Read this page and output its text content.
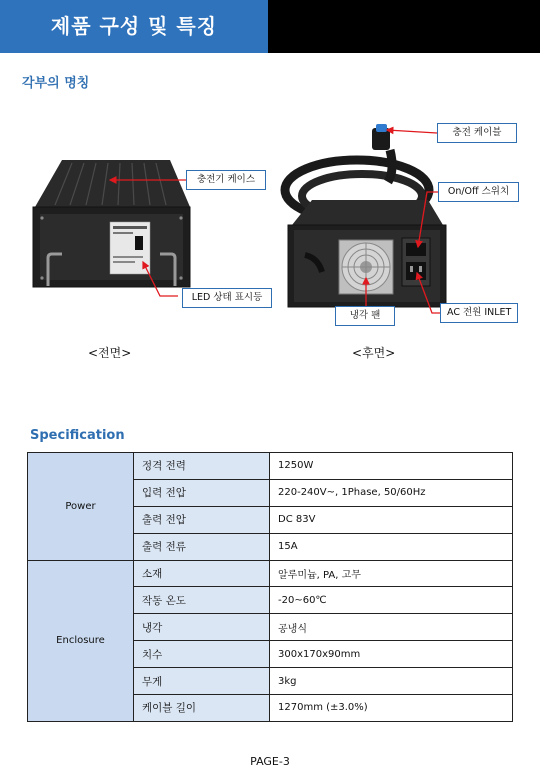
제품 구성 및 특징
각부의 명칭
충전기 케이스
LED 상태 표시등
충전 케이블
On/Off 스위치
AC 전원 INLET
냉각 팬
<전면>	<후면>
Specification
Power	정격 전력	1250W
	입력 전압	220-240V~, 1Phase, 50/60Hz
	출력 전압	DC 83V
	출력 전류	15A
Enclosure	소재	알루미늄, PA, 고무
	작동 온도	-20~60℃
	냉각	공냉식
	치수	300x170x90mm
	무게	3kg
	케이블 길이	1270mm (±3.0%)
PAGE-3
